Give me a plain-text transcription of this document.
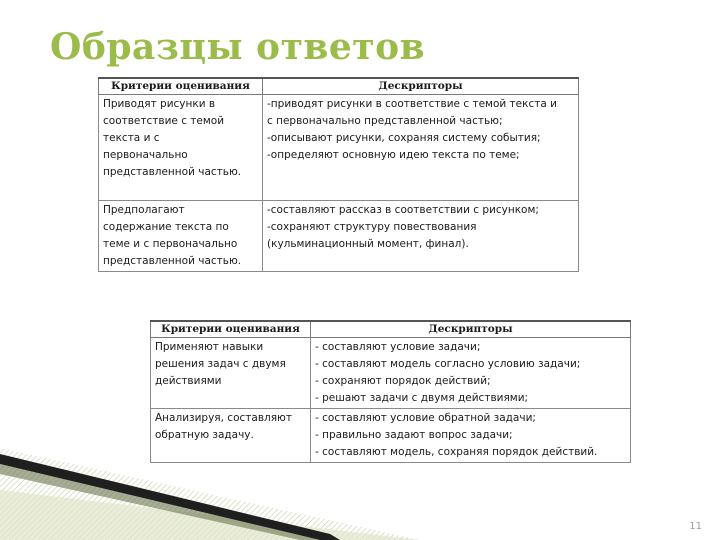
Образцы ответов
Критерии оценивания	Дескрипторы

Приводят рисунки в
соответствие с темой
текста и с
первоначально
представленной частью.	-приводят рисунки в соответствие с темой текста и
с первоначально представленной частью;
-описывают рисунки, сохраняя систему события;
-определяют основную идею текста по теме;

Предполагают
содержание текста по
теме и с первоначально
представленной частью.	-составляют рассказ в соответствии с рисунком;
-сохраняют структуру повествования
(кульминационный момент, финал).
Критерии оценивания	Дескрипторы

Применяют навыки
решения задач с двумя
действиями	- составляют условие задачи;
- составляют модель согласно условию задачи;
- сохраняют порядок действий;
- решают задачи с двумя действиями;

Анализируя, составляют
обратную задачу.	- составляют условие обратной задачи;
- правильно задают вопрос задачи;
- составляют модель, сохраняя порядок действий.
11
